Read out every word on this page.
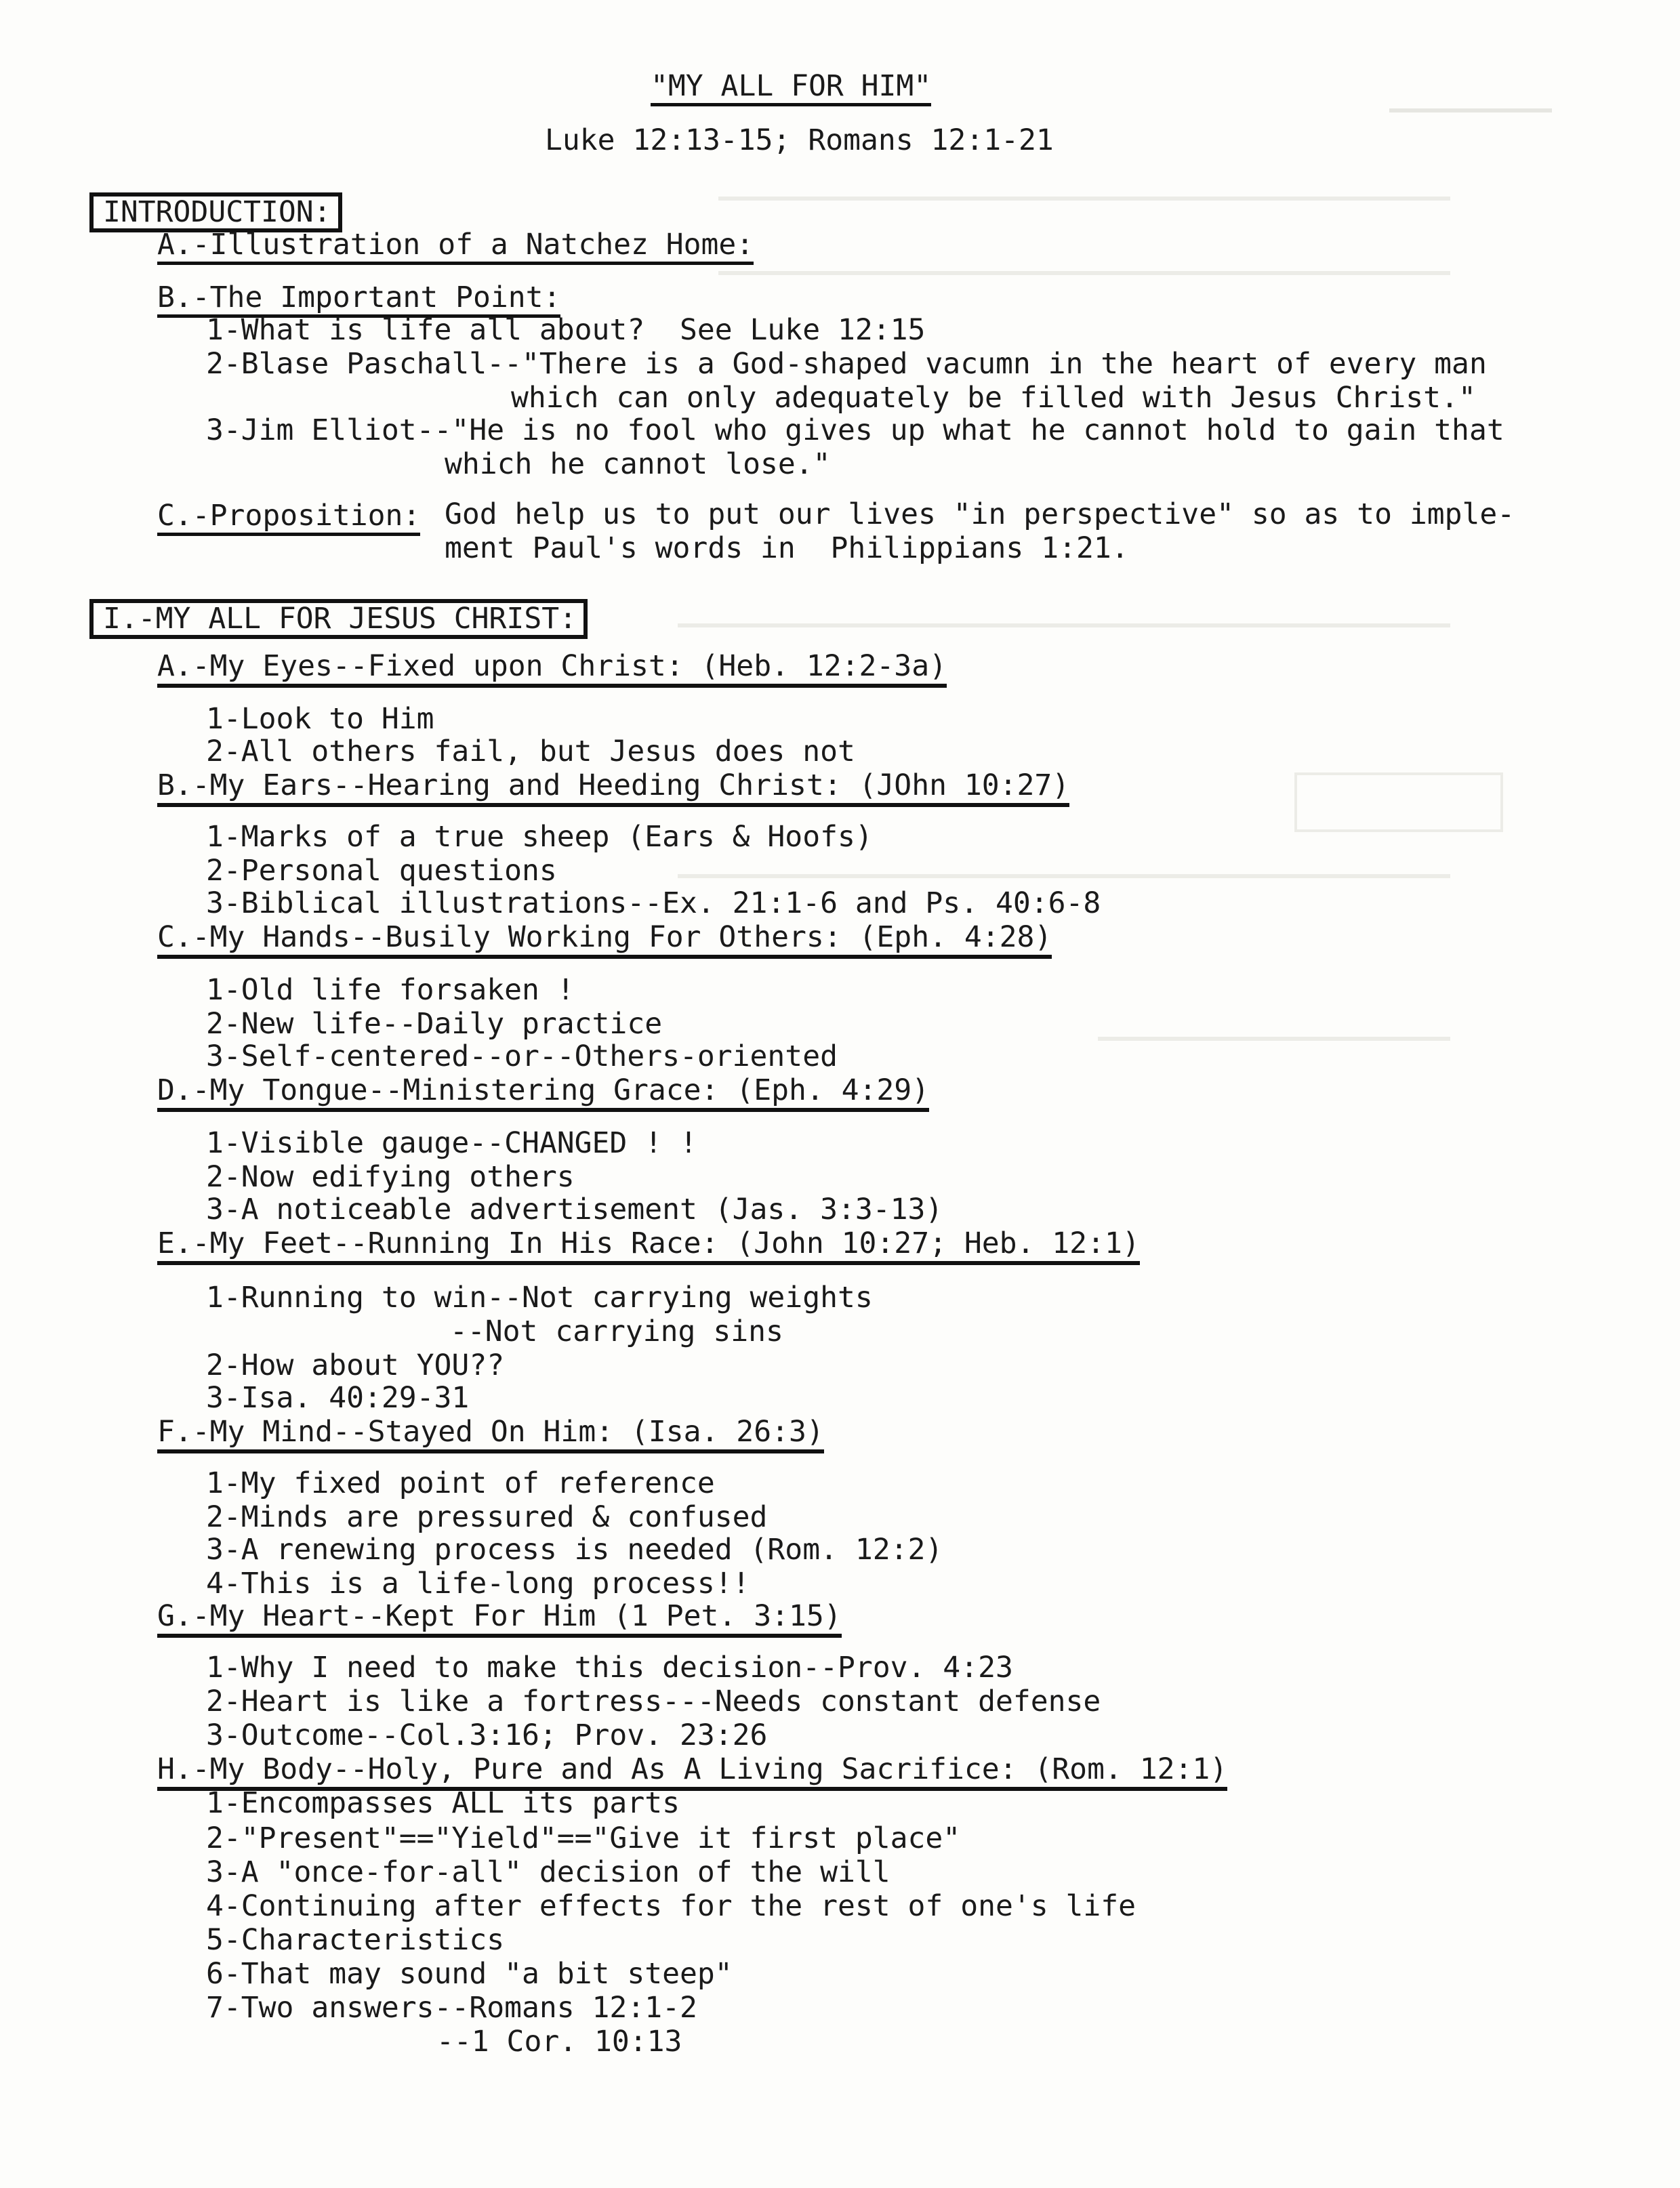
"MY ALL FOR HIM"
Luke 12:13-15; Romans 12:1-21
INTRODUCTION:
A.-Illustration of a Natchez Home:
B.-The Important Point:
1-What is life all about?  See Luke 12:15
2-Blase Paschall--"There is a God-shaped vacumn in the heart of every man
which can only adequately be filled with Jesus Christ."
3-Jim Elliot--"He is no fool who gives up what he cannot hold to gain that
which he cannot lose."
C.-Proposition: God help us to put our lives "in perspective" so as to imple-
ment Paul's words in  Philippians 1:21.
I.-MY ALL FOR JESUS CHRIST:
A.-My Eyes--Fixed upon Christ: (Heb. 12:2-3a)
1-Look to Him
2-All others fail, but Jesus does not
B.-My Ears--Hearing and Heeding Christ: (JOhn 10:27)
1-Marks of a true sheep (Ears & Hoofs)
2-Personal questions
3-Biblical illustrations--Ex. 21:1-6 and Ps. 40:6-8
C.-My Hands--Busily Working For Others: (Eph. 4:28)
1-Old life forsaken !
2-New life--Daily practice
3-Self-centered--or--Others-oriented
D.-My Tongue--Ministering Grace: (Eph. 4:29)
1-Visible gauge--CHANGED ! !
2-Now edifying others
3-A noticeable advertisement (Jas. 3:3-13)
E.-My Feet--Running In His Race: (John 10:27; Heb. 12:1)
1-Running to win--Not carrying weights
--Not carrying sins
2-How about YOU??
3-Isa. 40:29-31
F.-My Mind--Stayed On Him: (Isa. 26:3)
1-My fixed point of reference
2-Minds are pressured & confused
3-A renewing process is needed (Rom. 12:2)
4-This is a life-long process!!
G.-My Heart--Kept For Him (1 Pet. 3:15)
1-Why I need to make this decision--Prov. 4:23
2-Heart is like a fortress---Needs constant defense
3-Outcome--Col.3:16; Prov. 23:26
H.-My Body--Holy, Pure and As A Living Sacrifice: (Rom. 12:1)
1-Encompasses ALL its parts
2-"Present"=="Yield"=="Give it first place"
3-A "once-for-all" decision of the will
4-Continuing after effects for the rest of one's life
5-Characteristics
6-That may sound "a bit steep"
7-Two answers--Romans 12:1-2
--1 Cor. 10:13
